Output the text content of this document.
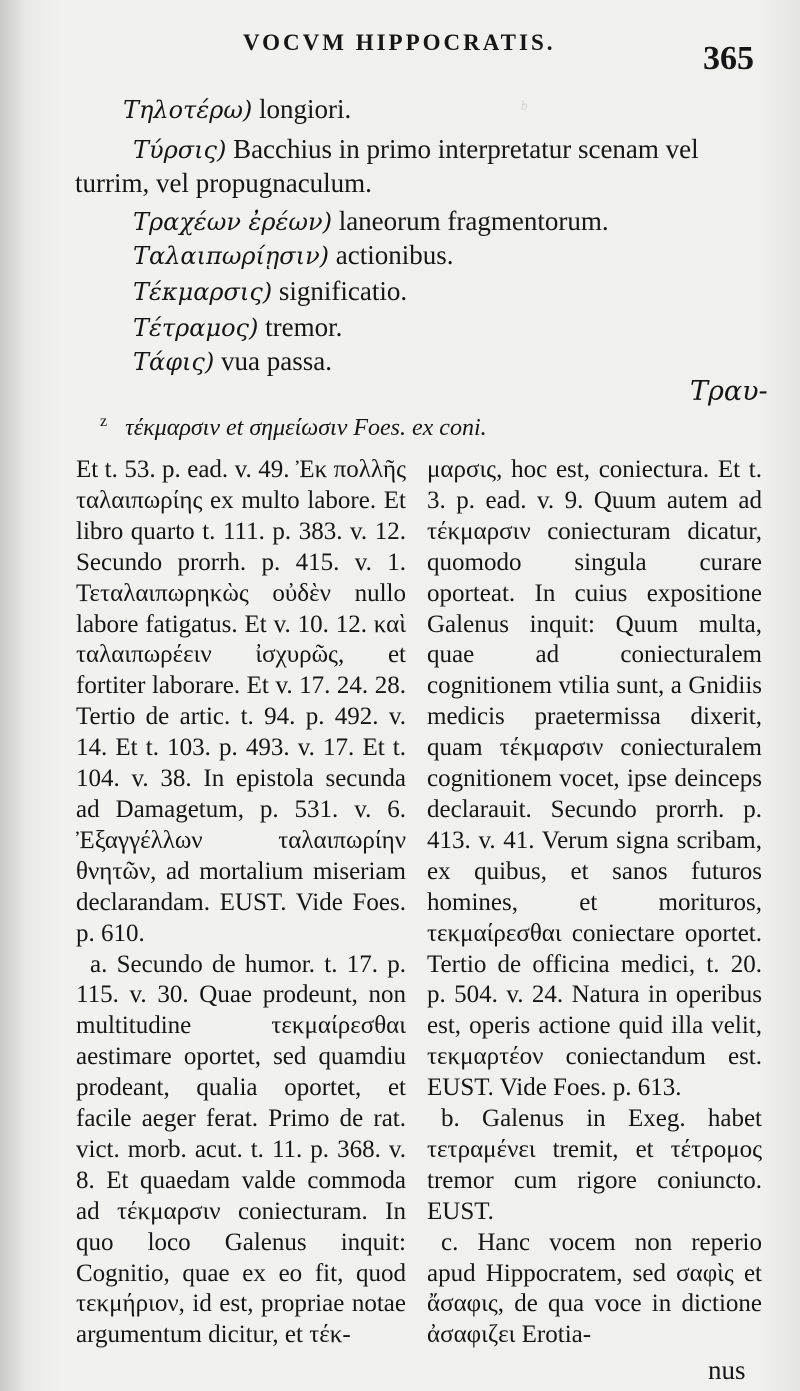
VOCVM HIPPOCRATIS.	365
ᵇ
Τηλοτέρω) longiori.
Τύρσις) Bacchius in primo interpretatur scenam vel
turrim, vel propugnaculum.
Τραχέων ἐρέων) laneorum fragmentorum.
Ταλαιπωρίῃσιν) actionibus.
Τέκμαρσις) significatio.
Τέτραμος) tremor.
Τάφις) vua passa.
Τραυ-
$^z$ τέκμαρσιν et σημείωσιν Foes. ex coni.

Et t. 53. p. ead. v. 49. Ἐκ πολλῆς ταλαιπωρίης ex multo labore. Et libro quarto t. 111. p. 383. v. 12. Secundo prorrh. p. 415. v. 1. Τεταλαιπωρηκὼς οὐδὲν nullo labore fatigatus. Et v. 10. 12. καὶ ταλαιπωρέειν ἰσχυρῶς, et fortiter laborare. Et v. 17. 24. 28. Tertio de artic. t. 94. p. 492. v. 14. Et t. 103. p. 493. v. 17. Et t. 104. v. 38. In epistola secunda ad Damagetum, p. 531. v. 6. Ἐξαγγέλλων ταλαιπωρίην θνητῶν, ad mortalium miseriam declarandam. EUST. Vide Foes. p. 610.

a. Secundo de humor. t. 17. p. 115. v. 30. Quae prodeunt, non multitudine τεκμαίρεσθαι aestimare oportet, sed quamdiu prodeant, qualia oportet, et facile aeger ferat. Primo de rat. vict. morb. acut. t. 11. p. 368. v. 8. Et quaedam valde commoda ad τέκμαρσιν coniecturam. In quo loco Galenus inquit: Cognitio, quae ex eo fit, quod τεκμήριον, id est, propriae notae argumentum dicitur, et τέκ-

μαρσις, hoc est, coniectura. Et t. 3. p. ead. v. 9. Quum autem ad τέκμαρσιν coniecturam dicatur, quomodo singula curare oporteat. In cuius expositione Galenus inquit: Quum multa, quae ad coniecturalem cognitionem vtilia sunt, a Gnidiis medicis praetermissa dixerit, quam τέκμαρσιν coniecturalem cognitionem vocet, ipse deinceps declarauit. Secundo prorrh. p. 413. v. 41. Verum signa scribam, ex quibus, et sanos futuros homines, et morituros, τεκμαίρεσθαι coniectare oportet. Tertio de officina medici, t. 20. p. 504. v. 24. Natura in operibus est, operis actione quid illa velit, τεκμαρτέον coniectandum est. EUST. Vide Foes. p. 613.

b. Galenus in Exeg. habet τετραμένει tremit, et τέτρομος tremor cum rigore coniuncto. EUST.

c. Hanc vocem non reperio apud Hippocratem, sed σαφὶς et ἄσαφις, de qua voce in dictione ἀσαφιζει Erotia-

nus
